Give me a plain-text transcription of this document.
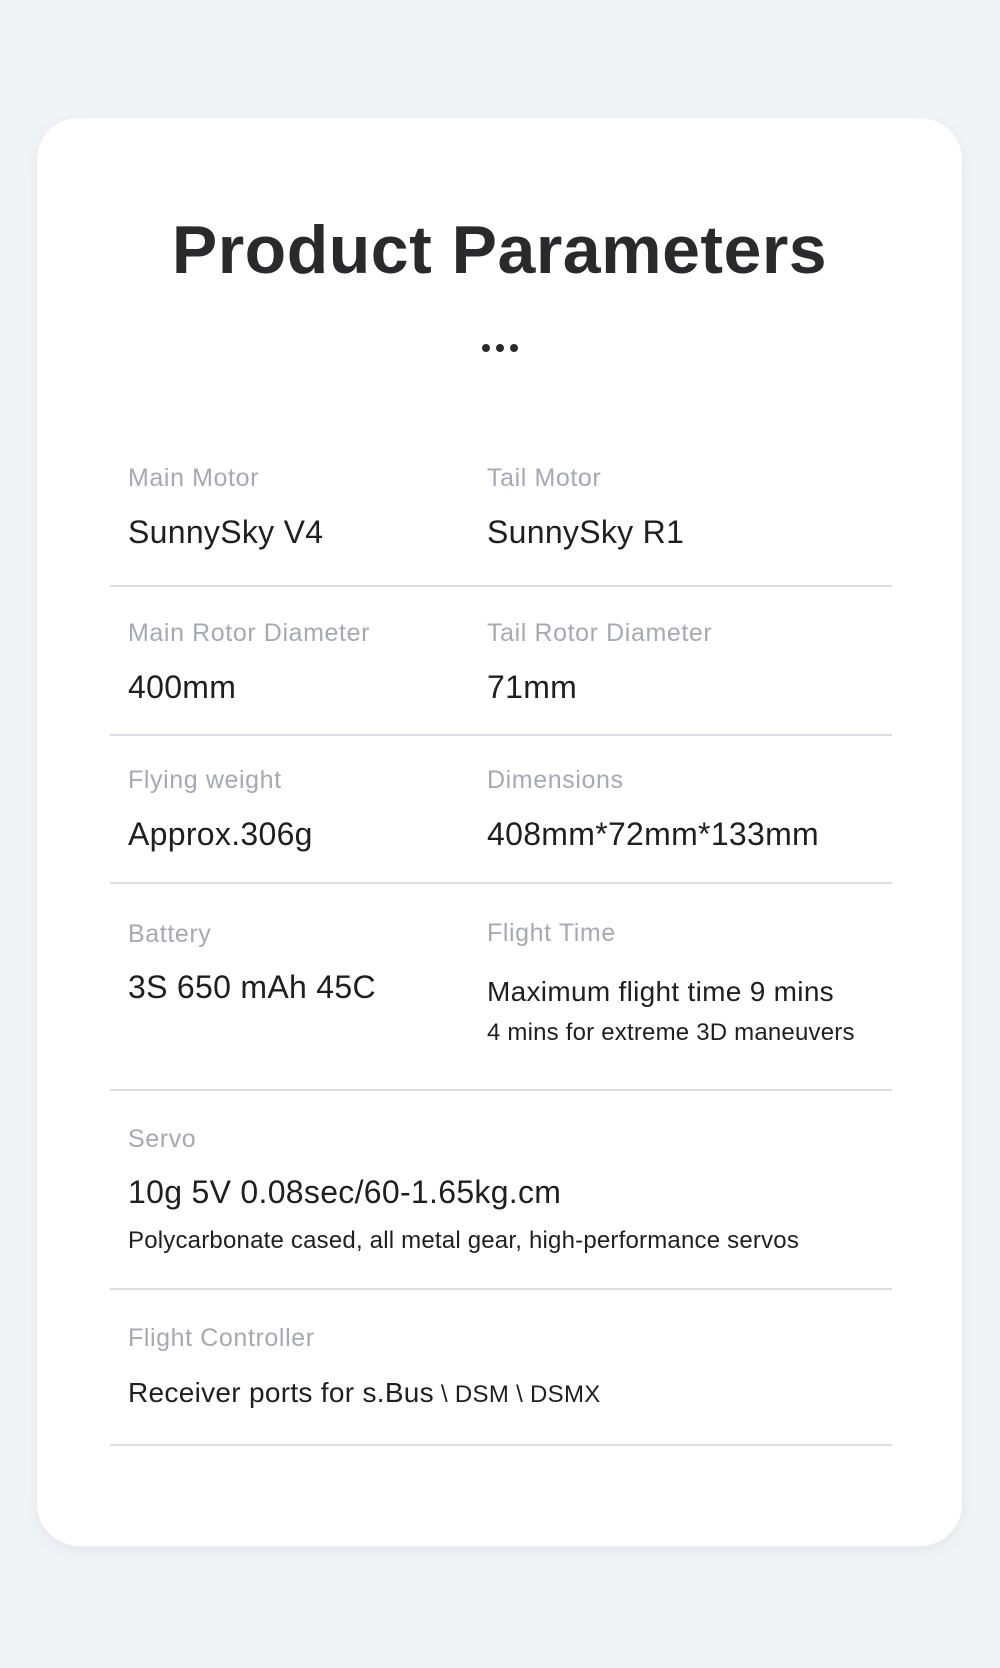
Product Parameters
Main Motor
SunnySky V4
Tail Motor
SunnySky R1
Main Rotor Diameter
400mm
Tail Rotor Diameter
71mm
Flying weight
Approx.306g
Dimensions
408mm*72mm*133mm
Battery
3S 650 mAh 45C
Flight Time
Maximum flight time 9 mins
4 mins for extreme 3D maneuvers
Servo
10g 5V 0.08sec/60-1.65kg.cm
Polycarbonate cased, all metal gear, high-performance servos
Flight Controller
Receiver ports for s.Bus \ DSM \ DSMX
